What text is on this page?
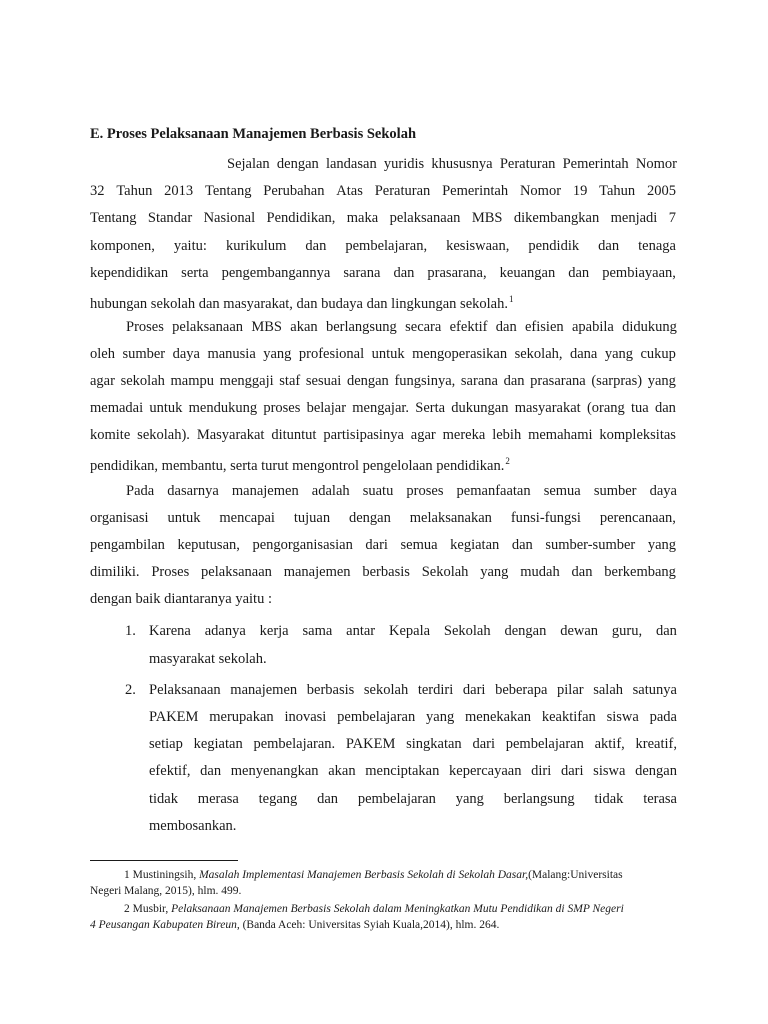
E. Proses Pelaksanaan Manajemen Berbasis Sekolah
Sejalan dengan landasan yuridis khususnya Peraturan Pemerintah Nomor
32 Tahun 2013 Tentang Perubahan Atas Peraturan Pemerintah Nomor 19 Tahun 2005
Tentang Standar Nasional Pendidikan, maka pelaksanaan MBS dikembangkan menjadi 7
komponen, yaitu: kurikulum dan pembelajaran, kesiswaan, pendidik dan tenaga
kependidikan serta pengembangannya sarana dan prasarana, keuangan dan pembiayaan,
hubungan sekolah dan masyarakat, dan budaya dan lingkungan sekolah.$^1$
Proses pelaksanaan MBS akan berlangsung secara efektif dan efisien apabila didukung
oleh sumber daya manusia yang profesional untuk mengoperasikan sekolah, dana yang cukup
agar sekolah mampu menggaji staf sesuai dengan fungsinya, sarana dan prasarana (sarpras) yang
memadai untuk mendukung proses belajar mengajar. Serta dukungan masyarakat (orang tua dan
komite sekolah). Masyarakat dituntut partisipasinya agar mereka lebih memahami kompleksitas
pendidikan, membantu, serta turut mengontrol pengelolaan pendidikan.$^2$
Pada dasarnya manajemen adalah suatu proses pemanfaatan semua sumber daya
organisasi untuk mencapai tujuan dengan melaksanakan funsi-fungsi perencanaan,
pengambilan keputusan, pengorganisasian dari semua kegiatan dan sumber-sumber yang
dimiliki. Proses pelaksanaan manajemen berbasis Sekolah yang mudah dan berkembang
dengan baik diantaranya yaitu :
1. Karena adanya kerja sama antar Kepala Sekolah dengan dewan guru, dan
masyarakat sekolah.
2. Pelaksanaan manajemen berbasis sekolah terdiri dari beberapa pilar salah satunya
PAKEM merupakan inovasi pembelajaran yang menekakan keaktifan siswa pada
setiap kegiatan pembelajaran. PAKEM singkatan dari pembelajaran aktif, kreatif,
efektif, dan menyenangkan akan menciptakan kepercayaan diri dari siswa dengan
tidak merasa tegang dan pembelajaran yang berlangsung tidak terasa
membosankan.
1 Mustiningsih, Masalah Implementasi Manajemen Berbasis Sekolah di Sekolah Dasar,(Malang:Universitas
Negeri Malang, 2015), hlm. 499.
2 Musbir, Pelaksanaan Manajemen Berbasis Sekolah dalam Meningkatkan Mutu Pendidikan di SMP Negeri
4 Peusangan Kabupaten Bireun, (Banda Aceh: Universitas Syiah Kuala,2014), hlm. 264.
